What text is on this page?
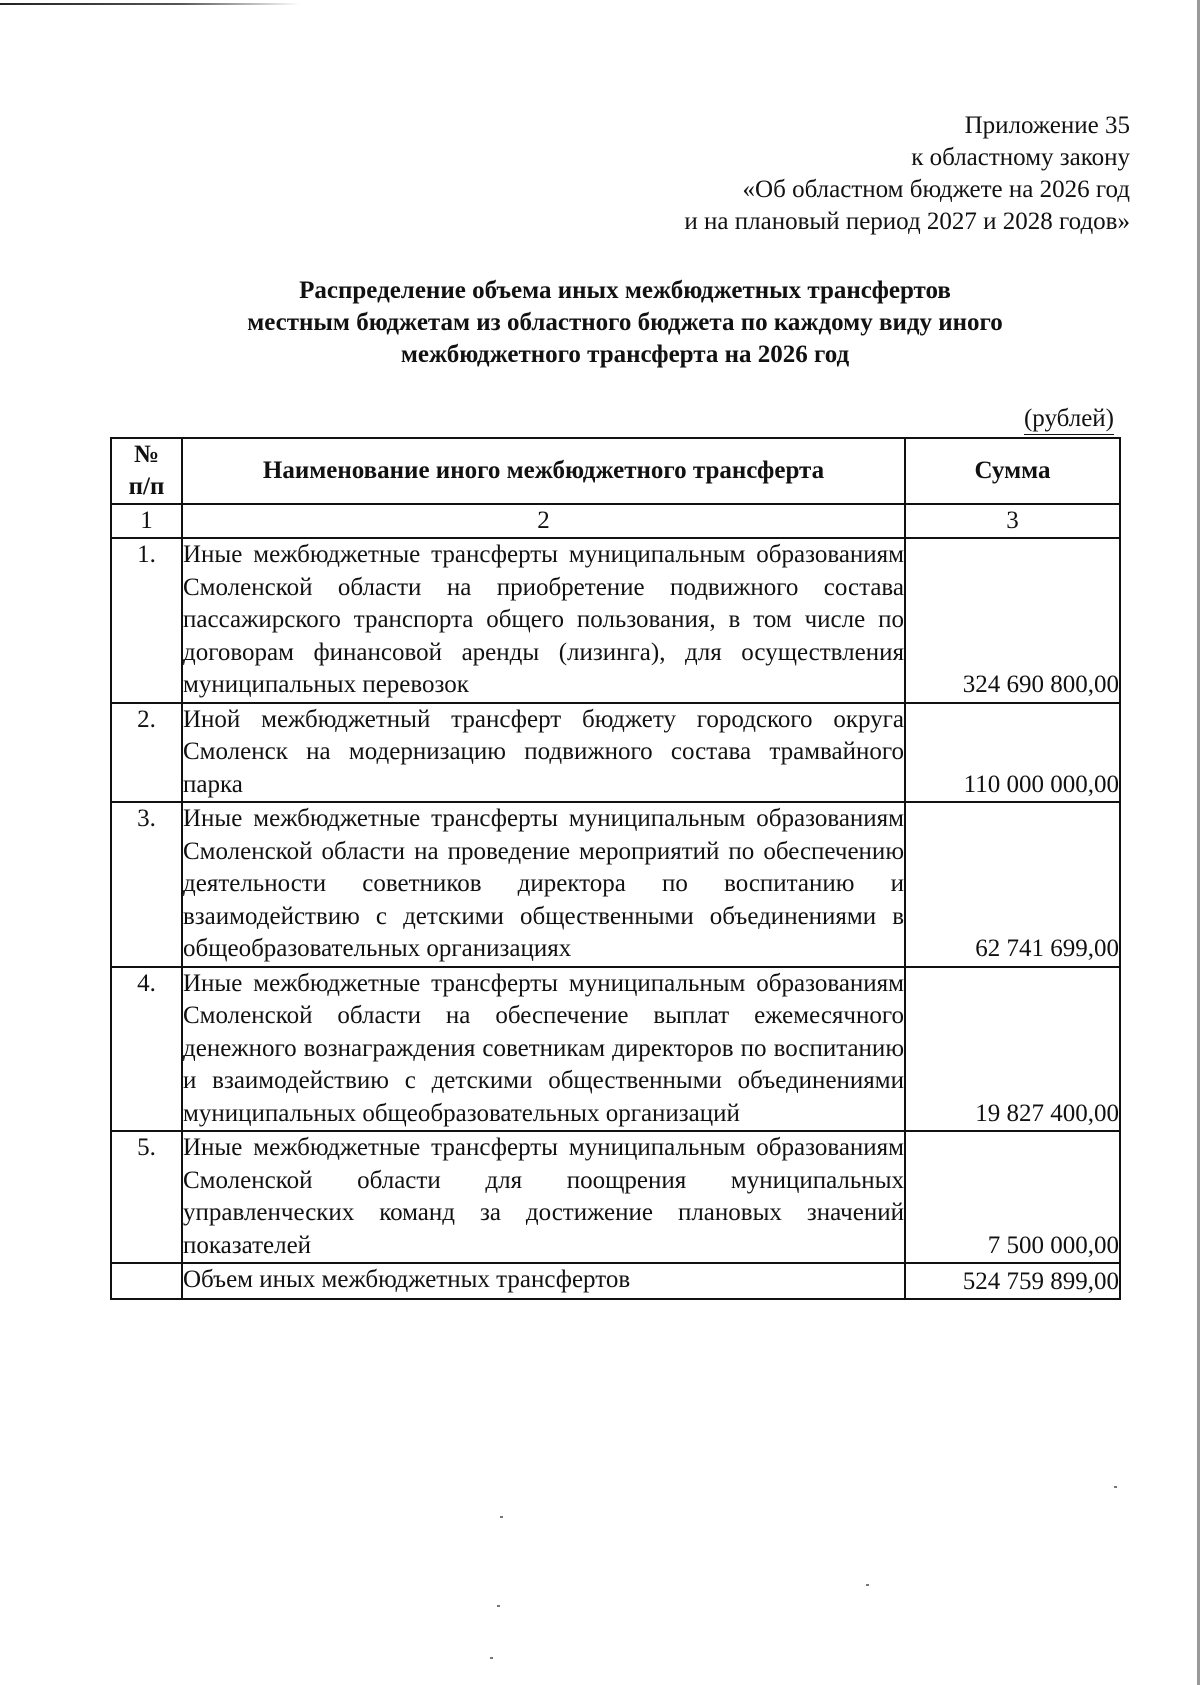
Приложение 35
к областному закону
«Об областном бюджете на 2026 год
и на плановый период 2027 и 2028 годов»
Распределение объема иных межбюджетных трансфертов
местным бюджетам из областного бюджета по каждому виду иного
межбюджетного трансферта на 2026 год
(рублей)
№
п/п	Наименование иного межбюджетного трансферта	Сумма
1	2	3
1.	Иные межбюджетные трансферты муниципальным образованиям Смоленской области на приобретение подвижного состава пассажирского транспорта общего пользования, в том числе по договорам финансовой аренды (лизинга), для осуществления муниципальных перевозок	324 690 800,00
2.	Иной межбюджетный трансферт бюджету городского округа Смоленск на модернизацию подвижного состава трамвайного парка	110 000 000,00
3.	Иные межбюджетные трансферты муниципальным образованиям Смоленской области на проведение мероприятий по обеспечению деятельности советников директора по воспитанию и взаимодействию с детскими общественными объединениями в общеобразовательных организациях	62 741 699,00
4.	Иные межбюджетные трансферты муниципальным образованиям Смоленской области на обеспечение выплат ежемесячного денежного вознаграждения советникам директоров по воспитанию и взаимодействию с детскими общественными объединениями муниципальных общеобразовательных организаций	19 827 400,00
5.	Иные межбюджетные трансферты муниципальным образованиям Смоленской области для поощрения муниципальных управленческих команд за достижение плановых значений показателей	7 500 000,00
	Объем иных межбюджетных трансфертов	524 759 899,00
